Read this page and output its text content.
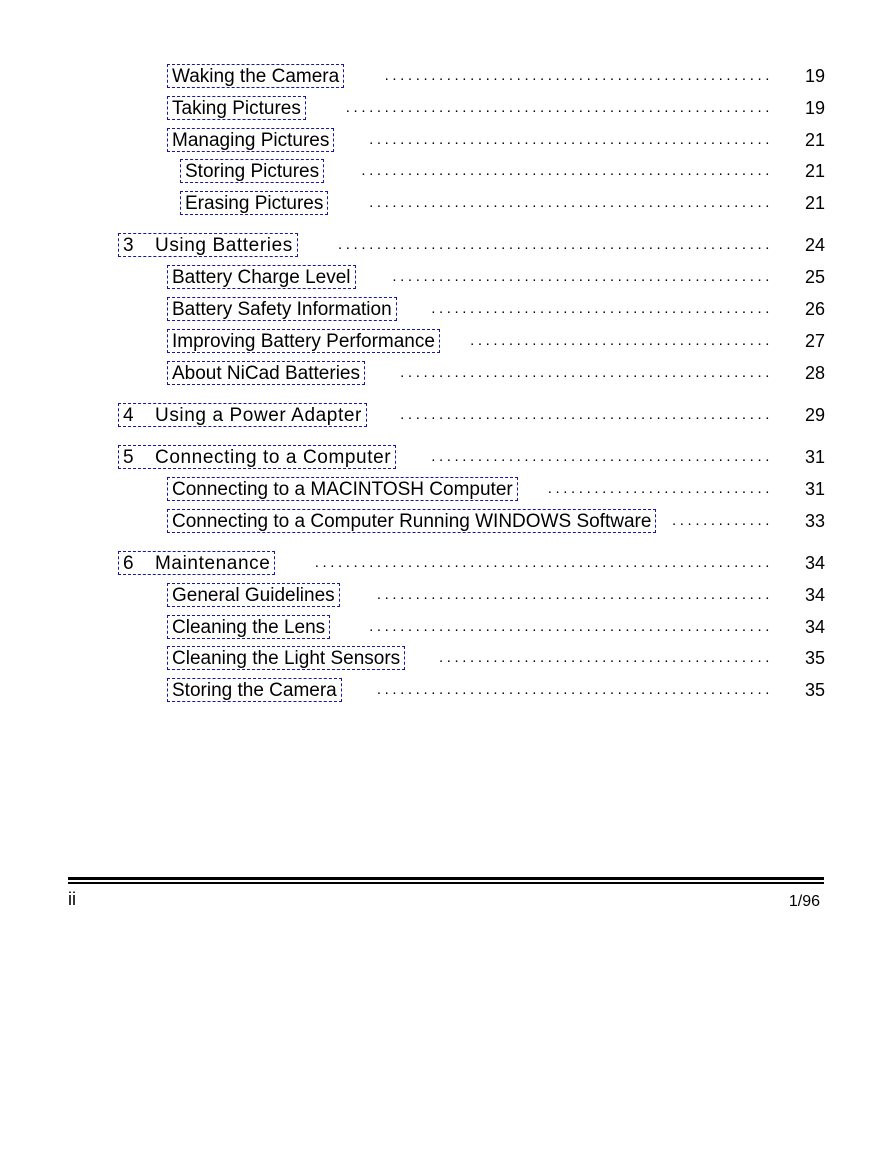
Waking the Camera	.................................................. 19
Taking Pictures	....................................................... 19
Managing Pictures	.................................................... 21
Storing Pictures	..................................................... 21
Erasing Pictures	.................................................... 21
3 Using Batteries	........................................................ 24
Battery Charge Level	................................................. 25
Battery Safety Information	............................................ 26
Improving Battery Performance	....................................... 27
About NiCad Batteries	................................................ 28
4 Using a Power Adapter	................................................ 29
5 Connecting to a Computer	............................................ 31
Connecting to a MACINTOSH Computer	............................. 31
Connecting to a Computer Running WINDOWS Software	............. 33
6 Maintenance	........................................................... 34
General Guidelines	................................................... 34
Cleaning the Lens	.................................................... 34
Cleaning the Light Sensors	........................................... 35
Storing the Camera	................................................... 35
ii	1/96
